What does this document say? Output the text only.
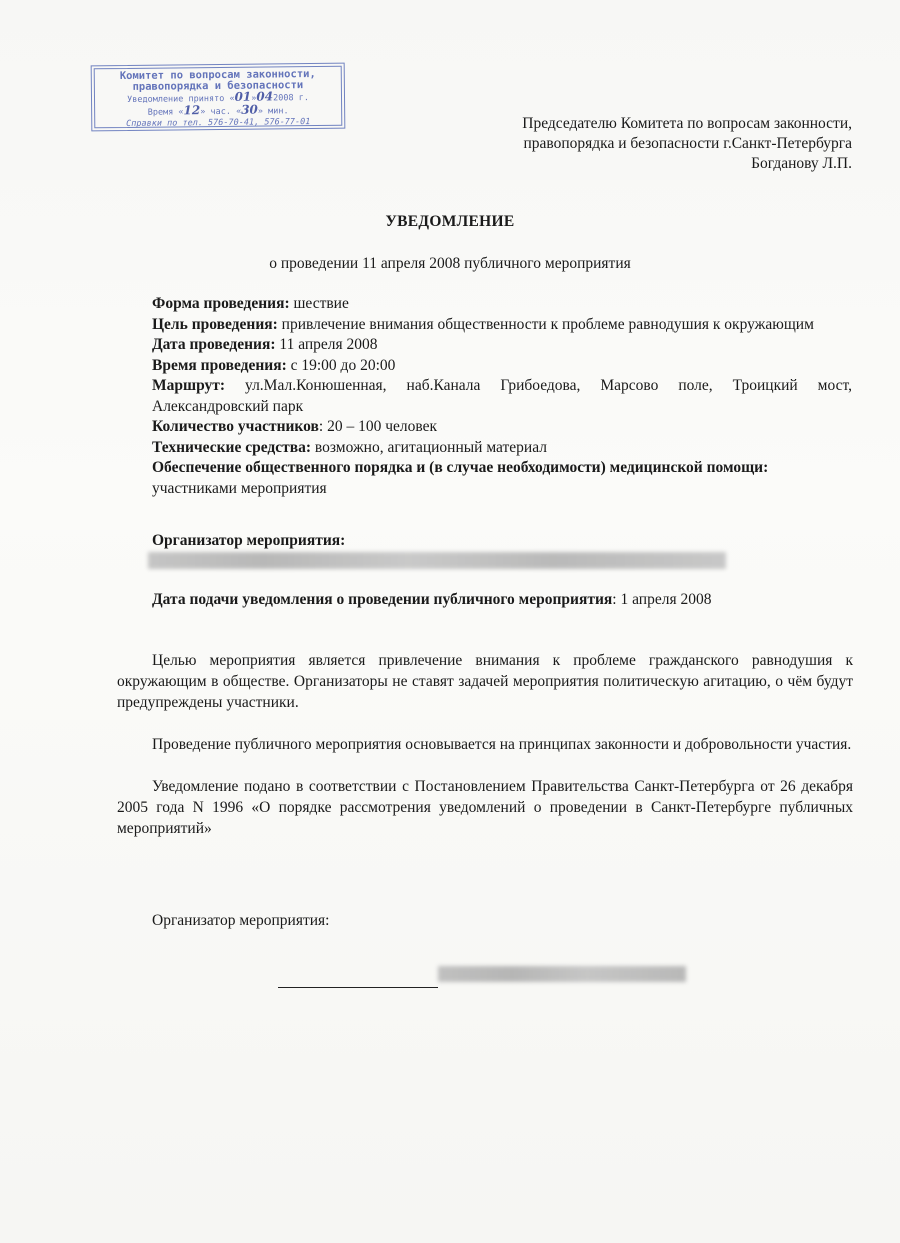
Комитет по вопросам законности,
правопорядка и безопасности
Уведомление принято «01»042008 г.
Время «12» час. «30» мин.
Справки по тел. 576-70-41, 576-77-01	Председателю Комитета по вопросам законности,
правопорядка и безопасности г.Санкт-Петербурга
Богданову Л.П.
УВЕДОМЛЕНИЕ
о проведении 11 апреля 2008 публичного мероприятия

Форма проведения: шествие

Цель проведения: привлечение внимания общественности к проблеме равнодушия к окружающим

Дата проведения: 11 апреля 2008

Время проведения: с 19:00 до 20:00

Маршрут: ул.Мал.Конюшенная, наб.Канала Грибоедова, Марсово поле, Троицкий мост, Александровский парк

Количество участников: 20 – 100 человек

Технические средства: возможно, агитационный материал

Обеспечение общественного порядка и (в случае необходимости) медицинской помощи:

участниками мероприятия

Организатор мероприятия:
Дата подачи уведомления о проведении публичного мероприятия: 1 апреля 2008

Целью мероприятия является привлечение внимания к проблеме гражданского равнодушия к окружающим в обществе. Организаторы не ставят задачей мероприятия политическую агитацию, о чём будут предупреждены участники.

Проведение публичного мероприятия основывается на принципах законности и добровольности участия.

Уведомление подано в соответствии с Постановлением Правительства Санкт-Петербурга от 26 декабря 2005 года N 1996 «О порядке рассмотрения уведомлений о проведении в Санкт-Петербурге публичных мероприятий»

Организатор мероприятия:
